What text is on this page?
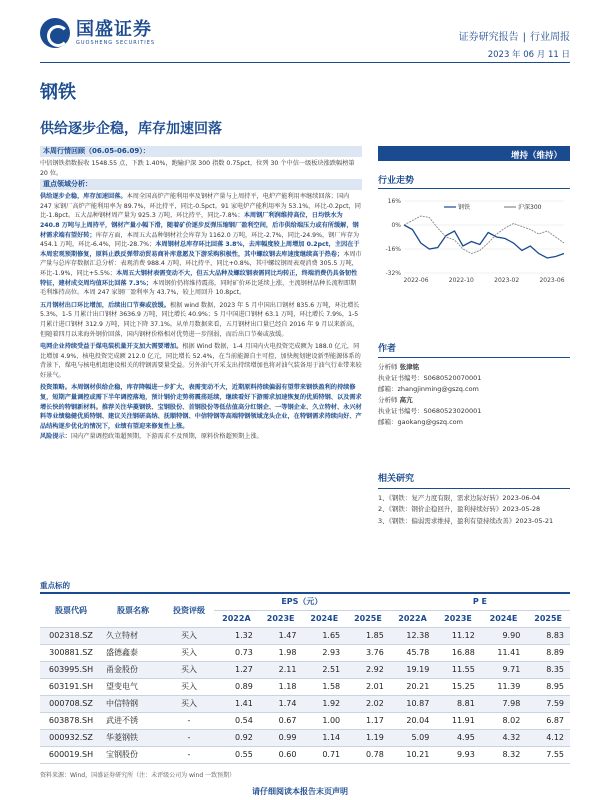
国盛证券
GUOSHENG SECURITIES	证券研究报告 | 行业周报
2023 年 06 月 11 日
钢铁
供给逐步企稳，库存加速回落
本周行情回顾（06.05-06.09）：

中信钢铁指数报收 1548.55 点，下跌 1.40%，跑输沪深 300 指数 0.75pct，位列 30 个中信一级板块涨跌幅榜第 20 位。

重点领域分析：

供给逐步企稳，库存加速回落。本周全国高炉产能利用率及钢材产量与上周持平，电炉产能利用率继续回落；国内 247 家钢厂高炉产能利用率为 89.7%，环比持平，同比-0.5pct。91 家电炉产能利用率为 53.1%，环比-0.2pct，同比-1.8pct。五大品种钢材周产量为 925.3 万吨，环比持平，同比-7.8%；本周钢厂利润维持高位，日均铁水为 240.8 万吨与上周持平，钢材产量小幅下滑，随着矿价逐步反弹压缩钢厂盈利空间，后市供给端压力或有所缓解，钢材需求端有望好转；库存方面，本周五大品种钢材社会库存为 1162.0 万吨，环比-2.7%，同比-24.9%，钢厂库存为 454.1 万吨，环比-6.4%，同比-28.7%；本周钢材总库存环比回落 3.8%，去库幅度较上周增加 0.2pct，主因在于本周宏观预期修复，原料止跌反弹带动贸易商补库意愿及下游采购积极性，其中螺纹钢去库速度继续高于热卷；本周市产量与总库存数据汇总分析：表观消费 988.4 万吨，环比持平，同比+0.8%，其中螺纹钢周表观消费 305.5 万吨，环比-1.9%，同比+5.5%；本周五大钢材表需变动不大，但五大品种及螺纹钢表需同比均转正，终端消费仍具备韧性特征，建材成交周均值环比回落 7.3%；本周钢价仍将维持震荡，同时矿价环比延续上涨，主流钢材品种长流程即期毛利维持高位。本周 247 家钢厂盈利率为 43.7%，较上周回升 10.8pct。

五月钢材出口环比增加，后续出口节奏或放缓。根据 wind 数据，2023 年 5 月中国出口钢材 835.6 万吨，环比增长 5.3%，1-5 月累计出口钢材 3636.9 万吨，同比增长 40.9%；5 月中国进口钢材 63.1 万吨，环比增长 7.9%，1-5 月累计进口钢材 312.9 万吨，同比下降 37.1%。从单月数据来看，五月钢材出口量已经自 2016 年 9 月以来新高，但随着四月以来海外钢价回落，国内钢材价格相对优势进一步削弱，而后出口节奏或放缓。

电网企业持续受益于煤电装机量开支加大需要增加。根据 Wind 数据，1-4 月国内火电投资完成额为 188.0 亿元，同比增加 4.9%，核电投资完成额 212.0 亿元，同比增长 52.4%，在当前能源自主可控，加快规划建设新型能源体系的背景下，煤电与核电机组建设相关的特钢需要量受益。另外油气开采支出持续增加也将对油气装备用于油气行业带来较好景气。

投资策略。本周钢材供给企稳，库存降幅进一步扩大，表需变动不大，近期原料持续偏弱有望带来钢铁盈利的持续修复，短期产量调控或需下半年调控落地，预计钢价走势将震荡延续，继续看好下游需求加速恢复的优质特钢、以及需求增长快的特钢新材料。推荐关注华菱钢铁、宝钢股份、首钢股份等低估值高分红钢企、一等钢企业、久立特材、永兴材料等业绩稳健优质特钢、建议关注钢研高纳、抚顺特钢、中信特钢等高端特钢领域龙头企业，在特钢需求持续向好、产品结构逐步优化的情况下，业绩有望迎来修复性上涨。

风险提示：国内产量调控政策超预期，下游需求不及预期，原料价格超预期上涨。

增持（维持）
行业走势
16%
0%
-16%
-32%
2022-06	2022-10	2023-02	2023-06
钢铁	沪深300
作者
分析师 张津铭
执业证书编号：S0680520070001
邮箱：zhangjinming@gszq.com
分析师 高亢
执业证书编号：S0680523020001
邮箱：gaokang@gszq.com
相关研究
1、《钢铁：复产力度有限，需求边际好转》2023-06-04
2、《钢铁：钢价企稳回升，盈利持续好转》2023-05-28
3、《钢铁：偏弱需求维持，盈利有望持续改善》2023-05-21
重点标的
股票代码	股票名称	投资评级	EPS（元）				P E			
			2022A	2023E	2024E	2025E	2022A	2023E	2024E	2025E
002318.SZ	久立特材	买入	1.32	1.47	1.65	1.85	12.38	11.12	9.90	8.83
300881.SZ	盛德鑫泰	买入	0.73	1.98	2.93	3.76	45.78	16.88	11.41	8.89
603995.SH	甬金股份	买入	1.27	2.11	2.51	2.92	19.19	11.55	9.71	8.35
603191.SH	望变电气	买入	0.89	1.18	1.58	2.01	20.21	15.25	11.39	8.95
000708.SZ	中信特钢	买入	1.41	1.74	1.92	2.02	10.87	8.81	7.98	7.59
603878.SH	武进不锈	-	0.54	0.67	1.00	1.17	20.04	11.91	8.02	6.87
000932.SZ	华菱钢铁	-	0.92	0.99	1.14	1.19	5.09	4.95	4.32	4.12
600019.SH	宝钢股份	-	0.55	0.60	0.71	0.78	10.21	9.93	8.32	7.55
资料来源：Wind，国盛证券研究所（注：未评级公司为 wind 一致预期）
请仔细阅读本报告末页声明
